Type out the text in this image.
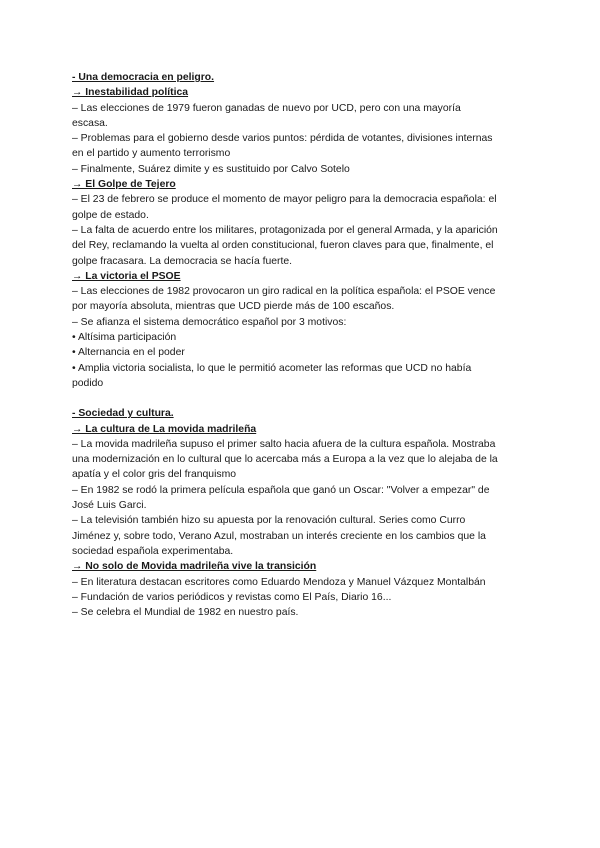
- Una democracia en peligro.
→ Inestabilidad política
– Las elecciones de 1979 fueron ganadas de nuevo por UCD, pero con una mayoría
escasa.
– Problemas para el gobierno desde varios puntos: pérdida de votantes, divisiones internas
en el partido y aumento terrorismo
– Finalmente, Suárez dimite y es sustituido por Calvo Sotelo
→ El Golpe de Tejero
– El 23 de febrero se produce el momento de mayor peligro para la democracia española: el
golpe de estado.
– La falta de acuerdo entre los militares, protagonizada por el general Armada, y la aparición
del Rey, reclamando la vuelta al orden constitucional, fueron claves para que, finalmente, el
golpe fracasara. La democracia se hacía fuerte.
→ La victoria el PSOE
– Las elecciones de 1982 provocaron un giro radical en la política española: el PSOE vence
por mayoría absoluta, mientras que UCD pierde más de 100 escaños.
– Se afianza el sistema democrático español por 3 motivos:
• Altísima participación
• Alternancia en el poder
• Amplia victoria socialista, lo que le permitió acometer las reformas que UCD no había
podido
- Sociedad y cultura.
→ La cultura de La movida madrileña
– La movida madrileña supuso el primer salto hacia afuera de la cultura española. Mostraba
una modernización en lo cultural que lo acercaba más a Europa a la vez que lo alejaba de la
apatía y el color gris del franquismo
– En 1982 se rodó la primera película española que ganó un Oscar: "Volver a empezar" de
José Luis Garci.
– La televisión también hizo su apuesta por la renovación cultural. Series como Curro
Jiménez y, sobre todo, Verano Azul, mostraban un interés creciente en los cambios que la
sociedad española experimentaba.
→ No solo de Movida madrileña vive la transición
– En literatura destacan escritores como Eduardo Mendoza y Manuel Vázquez Montalbán
– Fundación de varios periódicos y revistas como El País, Diario 16...
– Se celebra el Mundial de 1982 en nuestro país.
